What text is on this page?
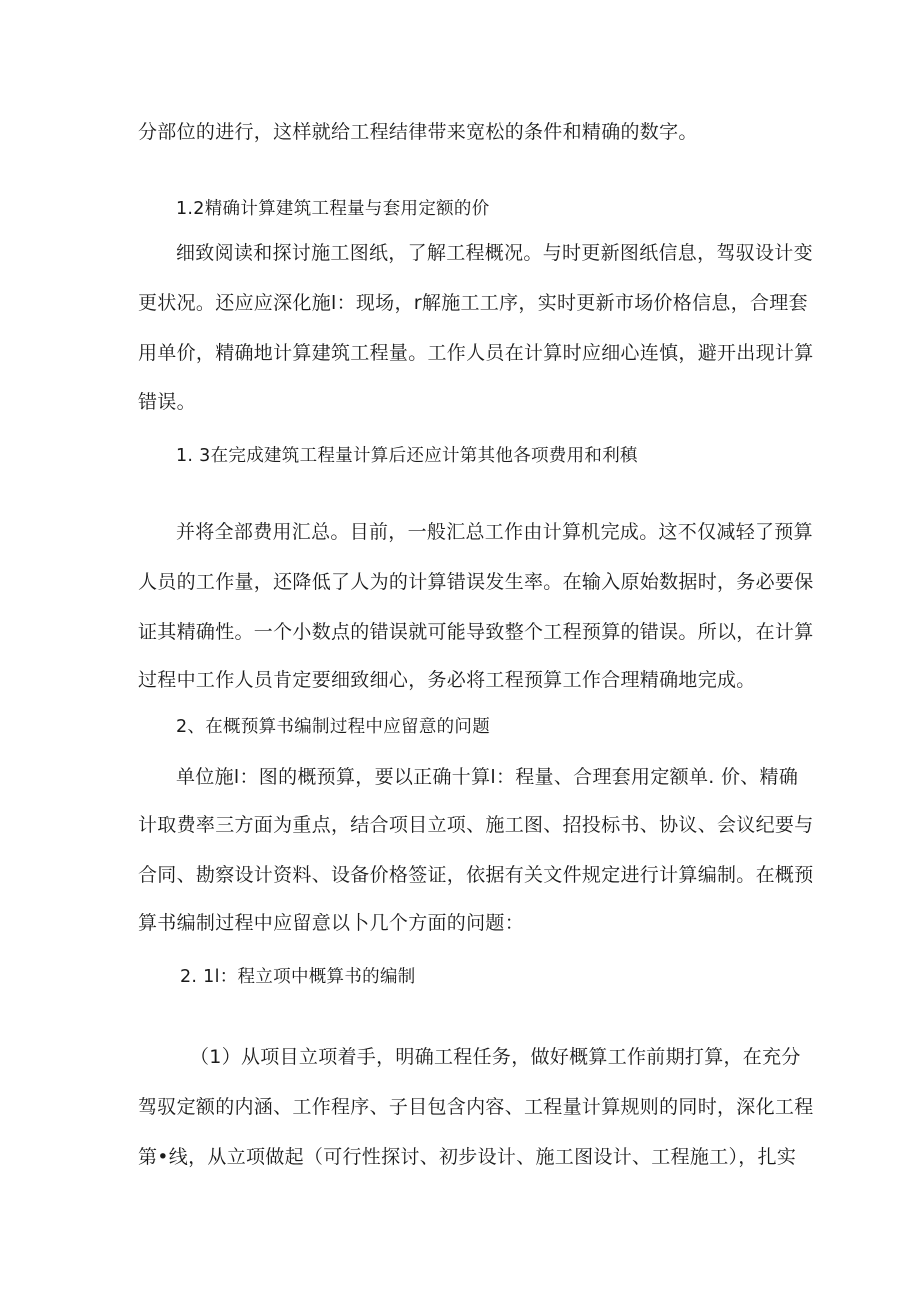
分部位的进行，这样就给工程结律带来宽松的条件和精确的数字。
1.2精确计算建筑工程量与套用定额的价
细致阅读和探讨施工图纸，了解工程概况。与时更新图纸信息，驾驭设计变
更状况。还应应深化施l：现场，r解施工工序，实时更新市场价格信息，合理套
用单价，精确地计算建筑工程量。工作人员在计算时应细心连慎，避开出现计算
错误。
1. 3在完成建筑工程量计算后还应计第其他各项费用和利稹
并将全部费用汇总。目前，一般汇总工作由计算机完成。这不仅减轻了预算
人员的工作量，还降低了人为的计算错误发生率。在输入原始数据时，务必要保
证其精确性。一个小数点的错误就可能导致整个工程预算的错误。所以，在计算
过程中工作人员肯定要细致细心，务必将工程预算工作合理精确地完成。
2、在概预算书编制过程中应留意的问题
单位施l：图的概预算，要以正确十算l：程量、合理套用定额单. 价、精确
计取费率三方面为重点，结合项目立项、施工图、招投标书、协议、会议纪要与
合同、勘察设计资料、设备价格签证，依据有关文件规定进行计算编制。在概预
算书编制过程中应留意以卜几个方面的问题：
2. 1l：程立项中概算书的编制
（1）从项目立项着手，明确工程任务，做好概算工作前期打算，在充分
驾驭定额的内涵、工作程序、子目包含内容、工程量计算规则的同时，深化工程
第•线，从立项做起（可行性探讨、初步设计、施工图设计、工程施工），扎实
